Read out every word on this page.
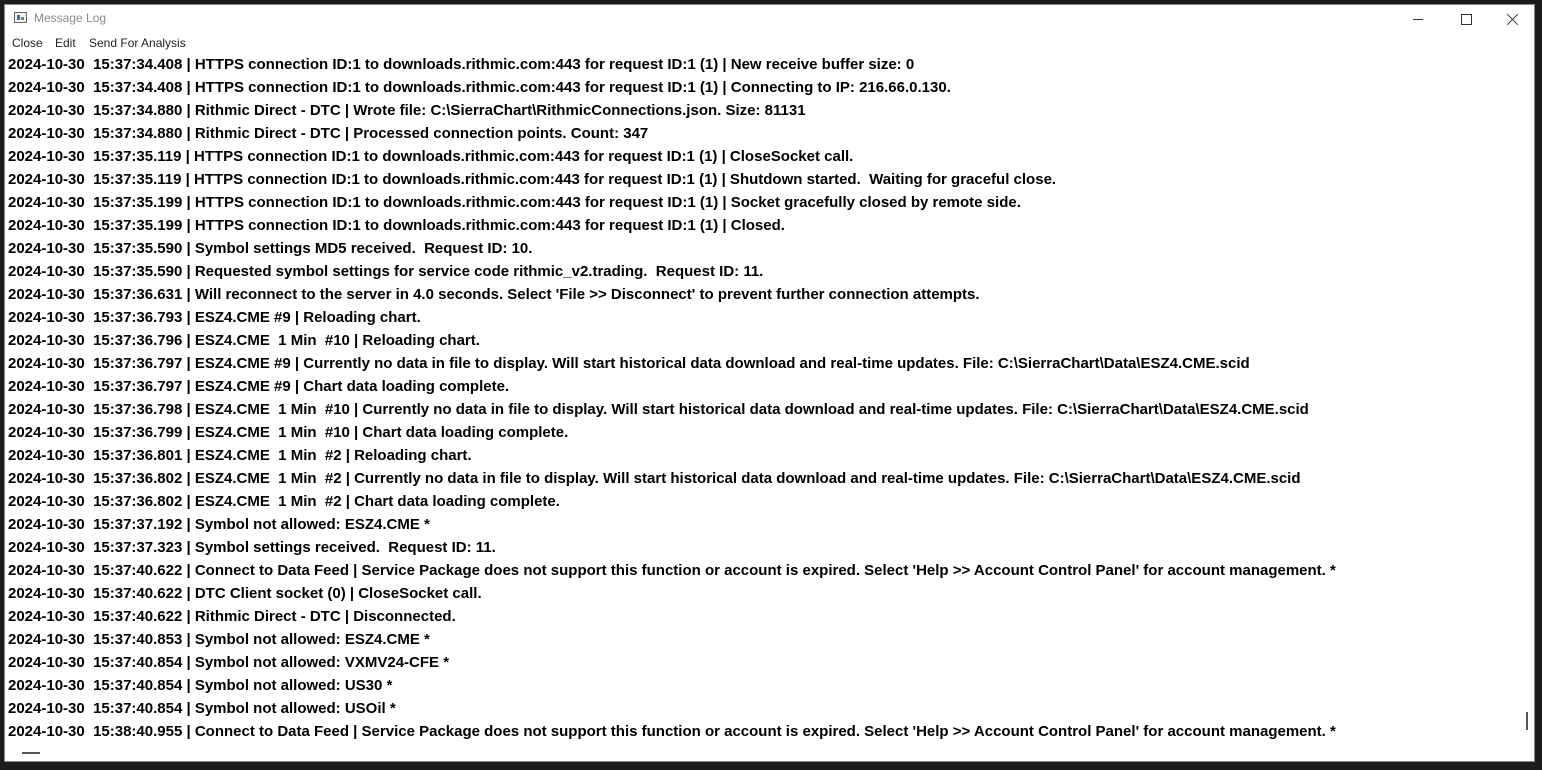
Message Log
Close Edit Send For Analysis
2024-10-30  15:37:34.408 | HTTPS connection ID:1 to downloads.rithmic.com:443 for request ID:1 (1) | New receive buffer size: 0
2024-10-30  15:37:34.408 | HTTPS connection ID:1 to downloads.rithmic.com:443 for request ID:1 (1) | Connecting to IP: 216.66.0.130.
2024-10-30  15:37:34.880 | Rithmic Direct - DTC | Wrote file: C:\SierraChart\RithmicConnections.json. Size: 81131
2024-10-30  15:37:34.880 | Rithmic Direct - DTC | Processed connection points. Count: 347
2024-10-30  15:37:35.119 | HTTPS connection ID:1 to downloads.rithmic.com:443 for request ID:1 (1) | CloseSocket call.
2024-10-30  15:37:35.119 | HTTPS connection ID:1 to downloads.rithmic.com:443 for request ID:1 (1) | Shutdown started.  Waiting for graceful close.
2024-10-30  15:37:35.199 | HTTPS connection ID:1 to downloads.rithmic.com:443 for request ID:1 (1) | Socket gracefully closed by remote side.
2024-10-30  15:37:35.199 | HTTPS connection ID:1 to downloads.rithmic.com:443 for request ID:1 (1) | Closed.
2024-10-30  15:37:35.590 | Symbol settings MD5 received.  Request ID: 10.
2024-10-30  15:37:35.590 | Requested symbol settings for service code rithmic_v2.trading.  Request ID: 11.
2024-10-30  15:37:36.631 | Will reconnect to the server in 4.0 seconds. Select 'File >> Disconnect' to prevent further connection attempts.
2024-10-30  15:37:36.793 | ESZ4.CME #9 | Reloading chart.
2024-10-30  15:37:36.796 | ESZ4.CME  1 Min  #10 | Reloading chart.
2024-10-30  15:37:36.797 | ESZ4.CME #9 | Currently no data in file to display. Will start historical data download and real-time updates. File: C:\SierraChart\Data\ESZ4.CME.scid
2024-10-30  15:37:36.797 | ESZ4.CME #9 | Chart data loading complete.
2024-10-30  15:37:36.798 | ESZ4.CME  1 Min  #10 | Currently no data in file to display. Will start historical data download and real-time updates. File: C:\SierraChart\Data\ESZ4.CME.scid
2024-10-30  15:37:36.799 | ESZ4.CME  1 Min  #10 | Chart data loading complete.
2024-10-30  15:37:36.801 | ESZ4.CME  1 Min  #2 | Reloading chart.
2024-10-30  15:37:36.802 | ESZ4.CME  1 Min  #2 | Currently no data in file to display. Will start historical data download and real-time updates. File: C:\SierraChart\Data\ESZ4.CME.scid
2024-10-30  15:37:36.802 | ESZ4.CME  1 Min  #2 | Chart data loading complete.
2024-10-30  15:37:37.192 | Symbol not allowed: ESZ4.CME *
2024-10-30  15:37:37.323 | Symbol settings received.  Request ID: 11.
2024-10-30  15:37:40.622 | Connect to Data Feed | Service Package does not support this function or account is expired. Select 'Help >> Account Control Panel' for account management. *
2024-10-30  15:37:40.622 | DTC Client socket (0) | CloseSocket call.
2024-10-30  15:37:40.622 | Rithmic Direct - DTC | Disconnected.
2024-10-30  15:37:40.853 | Symbol not allowed: ESZ4.CME *
2024-10-30  15:37:40.854 | Symbol not allowed: VXMV24-CFE *
2024-10-30  15:37:40.854 | Symbol not allowed: US30 *
2024-10-30  15:37:40.854 | Symbol not allowed: USOil *
2024-10-30  15:38:40.955 | Connect to Data Feed | Service Package does not support this function or account is expired. Select 'Help >> Account Control Panel' for account management. *
